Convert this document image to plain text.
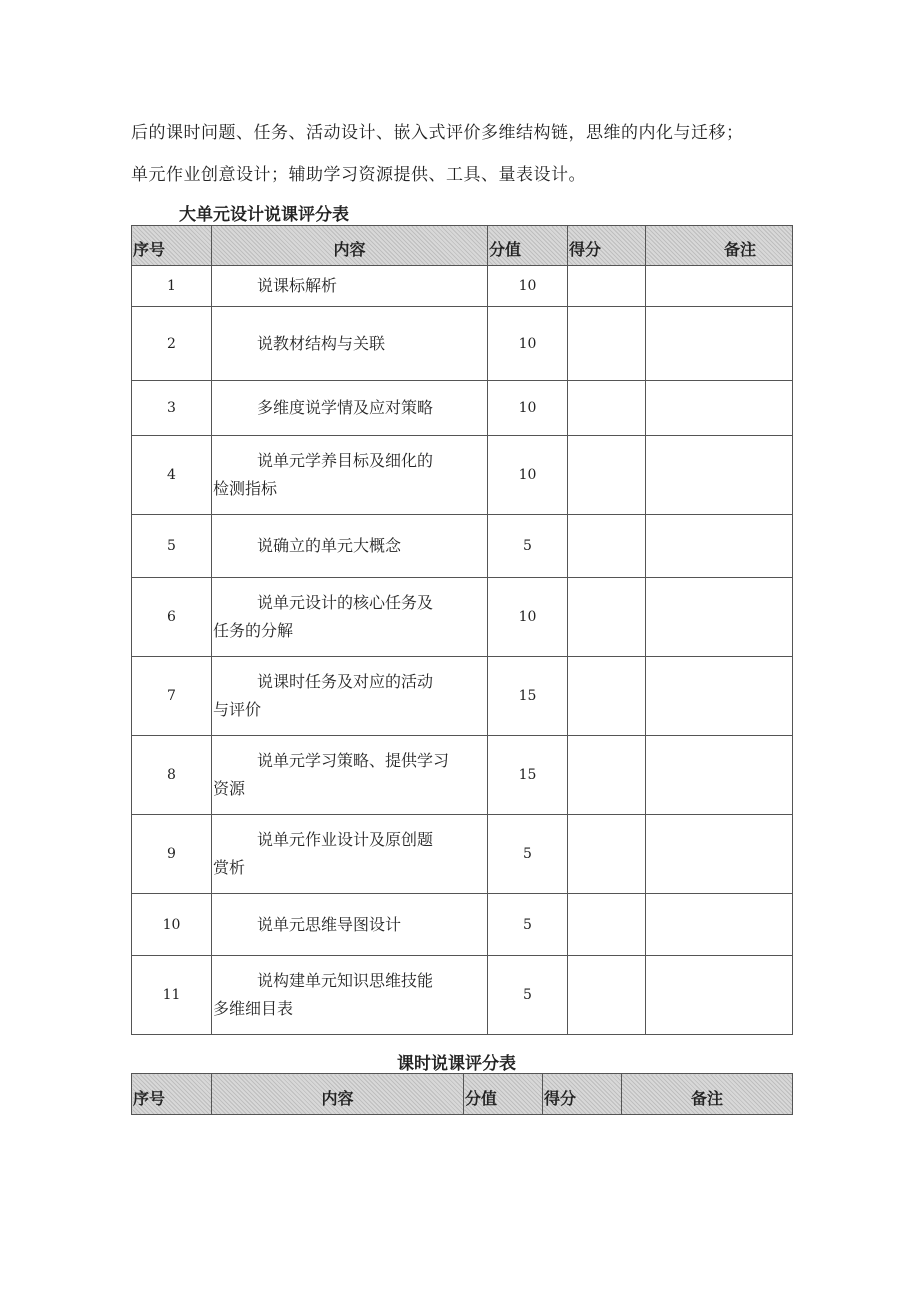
后的课时问题、任务、活动设计、嵌入式评价多维结构链，思维的内化与迁移；
单元作业创意设计；辅助学习资源提供、工具、量表设计。
大单元设计说课评分表
序号	内容	分值	得分	备注
1	说课标解析	10		
2	说教材结构与关联	10		
3	多维度说学情及应对策略	10		
4	说单元学养目标及细化的
检测指标	10		
5	说确立的单元大概念	5		
6	说单元设计的核心任务及
任务的分解	10		
7	说课时任务及对应的活动
与评价	15		
8	说单元学习策略、提供学习
资源	15		
9	说单元作业设计及原创题
赏析	5		
10	说单元思维导图设计	5		
11	说构建单元知识思维技能
多维细目表	5		
课时说课评分表
序号	内容	分值	得分	备注
